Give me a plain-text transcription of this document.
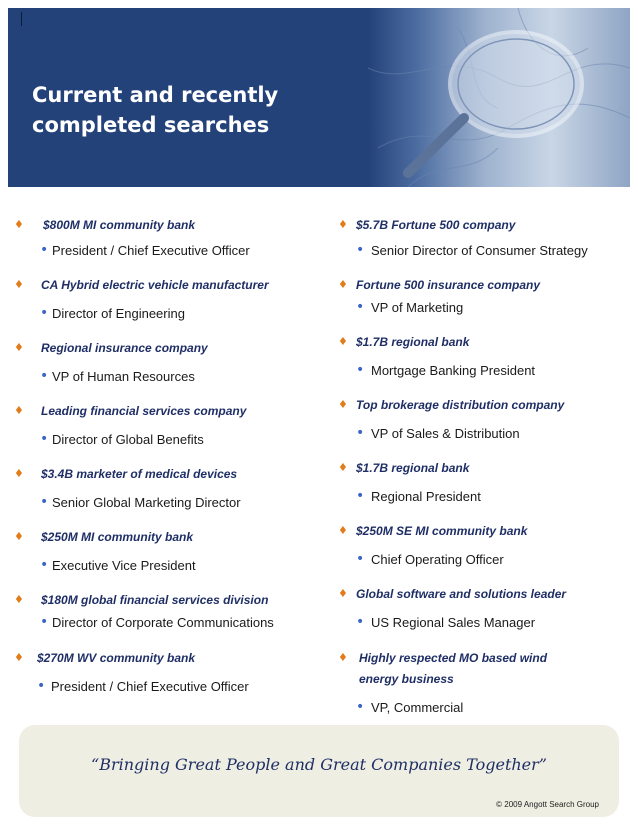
Current and recently
completed searches
♦ $800M MI community bank
• President / Chief Executive Officer
♦ CA Hybrid electric vehicle manufacturer
• Director of Engineering
♦ Regional insurance company
• VP of Human Resources
♦ Leading financial services company
• Director of Global Benefits
♦ $3.4B marketer of medical devices
• Senior Global Marketing Director
♦ $250M MI community bank
• Executive Vice President
♦ $180M global financial services division
• Director of Corporate Communications
♦ $270M WV community bank
• President / Chief Executive Officer
♦ $5.7B Fortune 500 company
• Senior Director of Consumer Strategy
♦ Fortune 500 insurance company
• VP of Marketing
♦ $1.7B regional bank
• Mortgage Banking President
♦ Top brokerage distribution company
• VP of Sales & Distribution
♦ $1.7B regional bank
• Regional President
♦ $250M SE MI community bank
• Chief Operating Officer
♦ Global software and solutions leader
• US Regional Sales Manager
♦ Highly respected MO based wind
energy business
• VP, Commercial
“Bringing Great People and Great Companies Together”
© 2009 Angott Search Group
